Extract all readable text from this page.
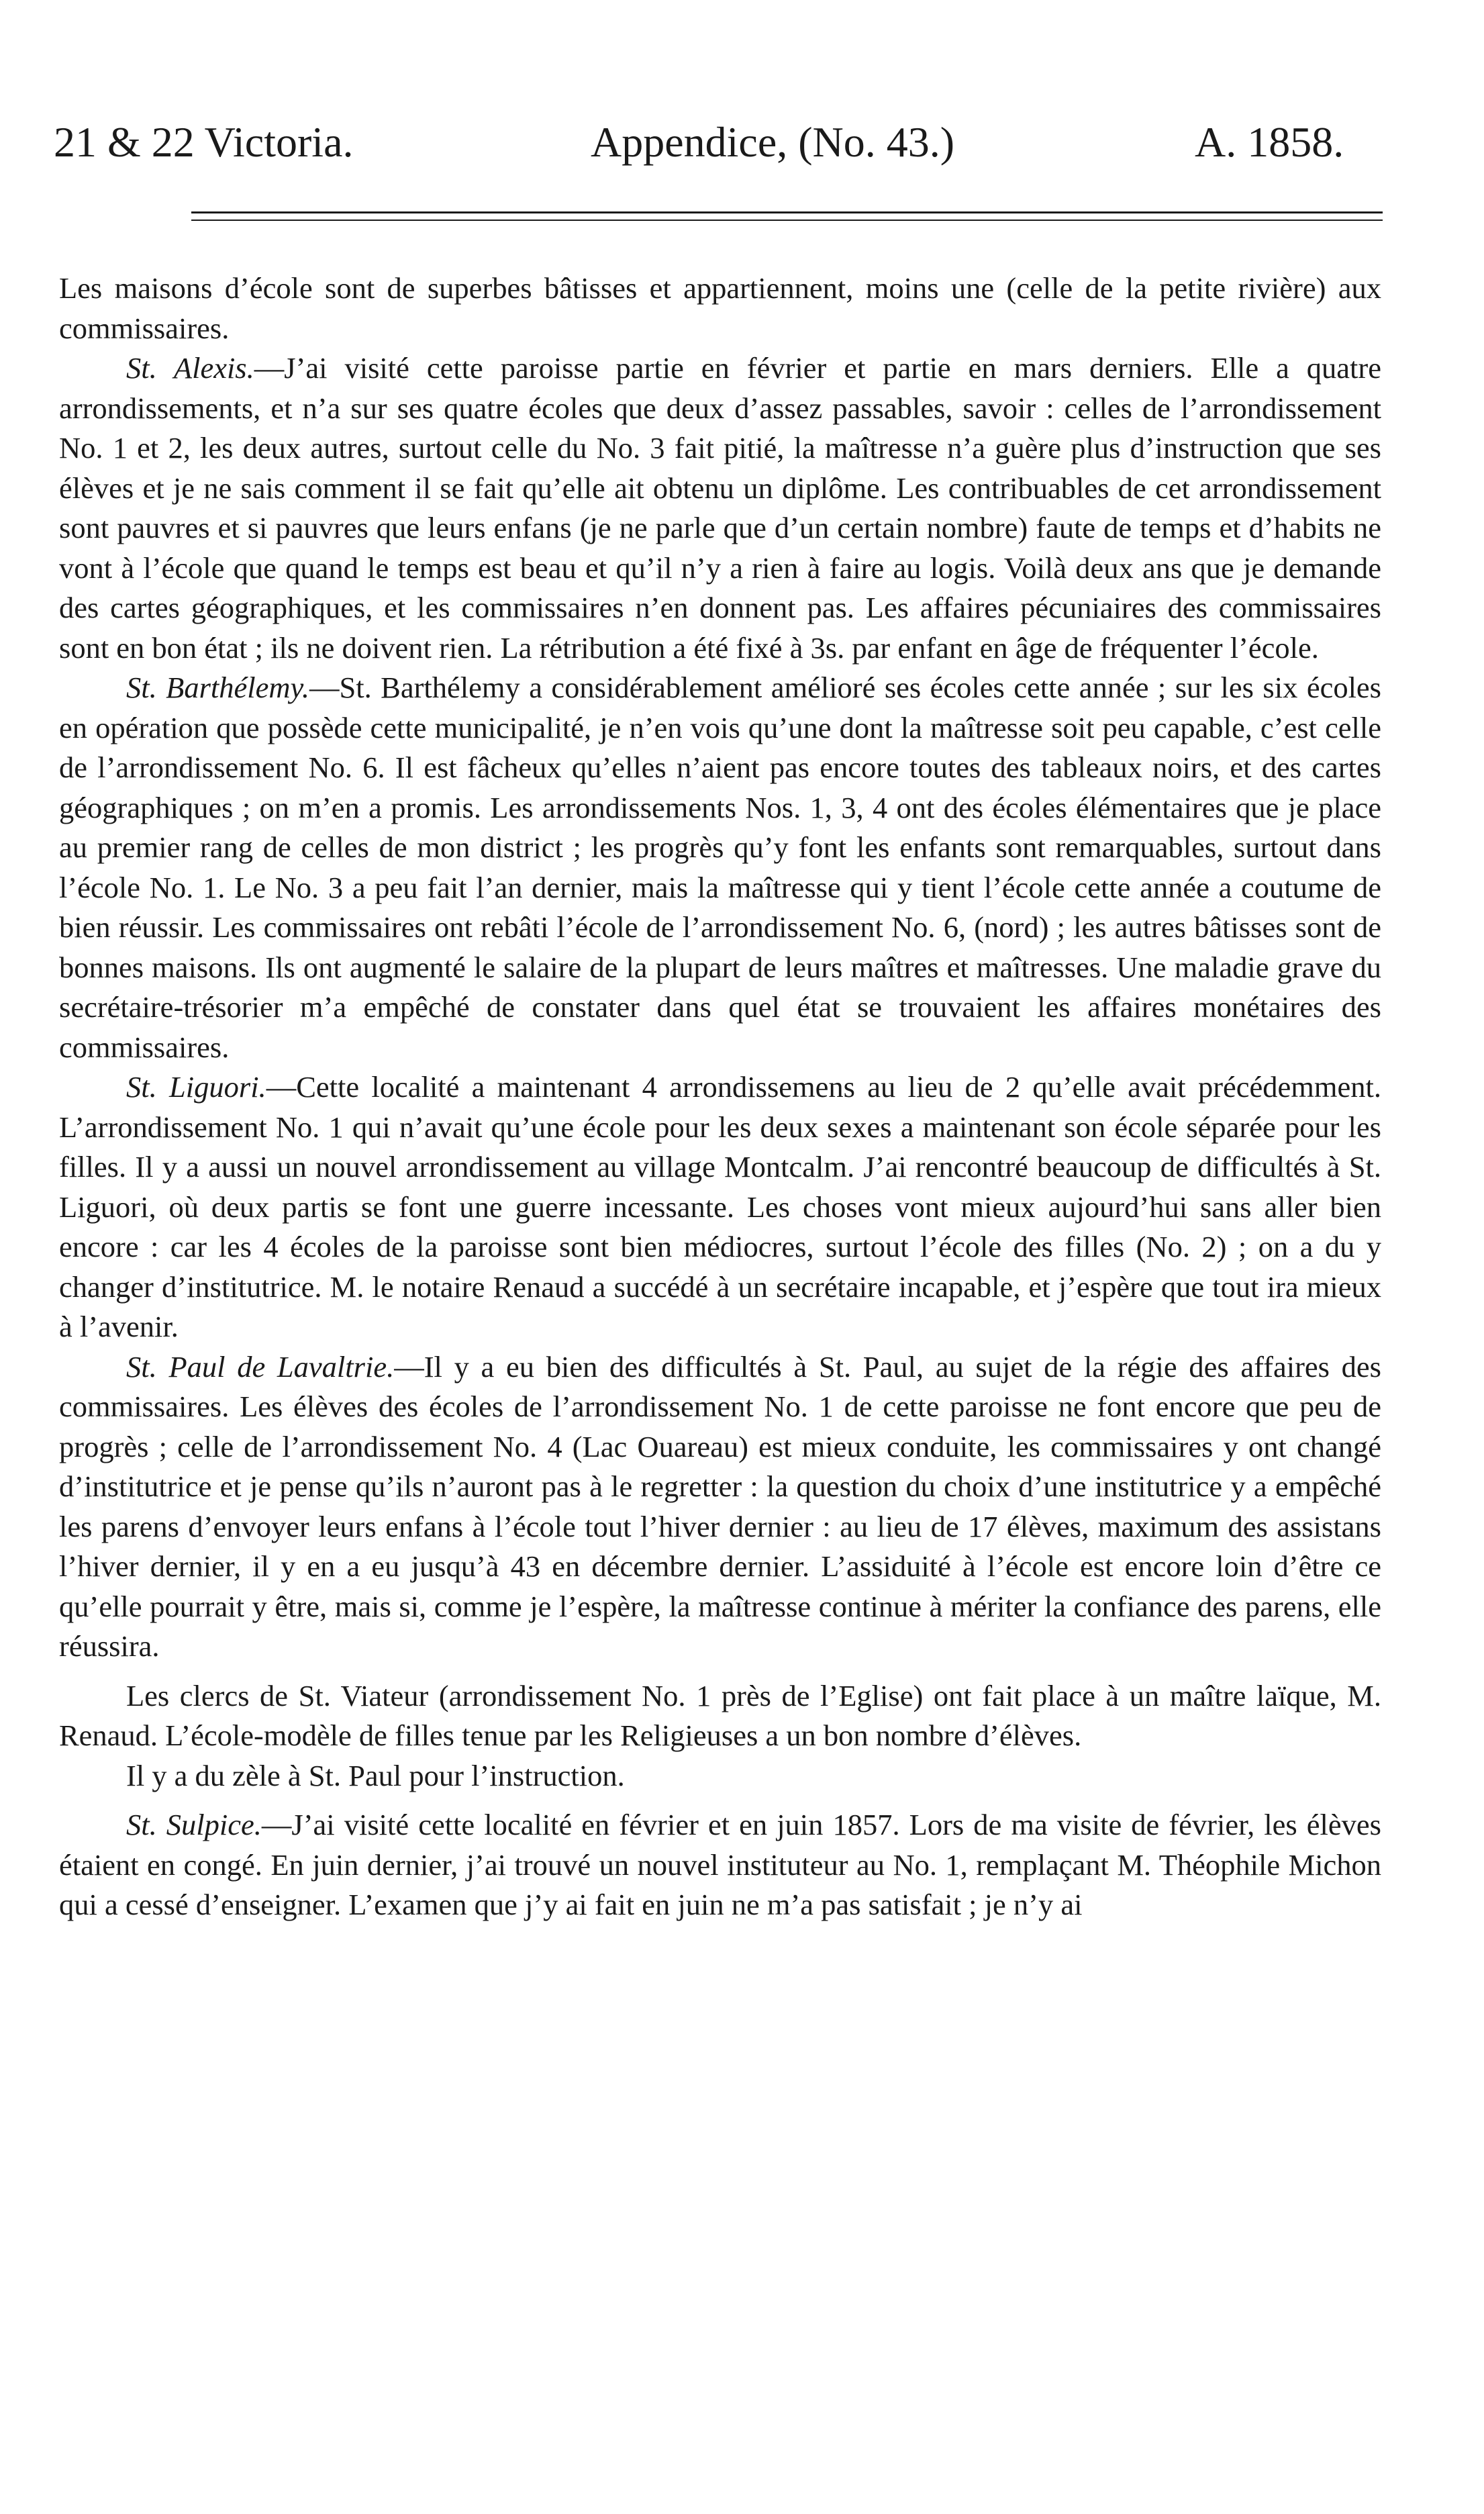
21 & 22 Victoria.	Appendice, (No. 43.)	A. 1858.

Les maisons d’école sont de superbes bâtisses et appartiennent, moins une (celle de la petite rivière) aux commissaires.

St. Alexis.—J’ai visité cette paroisse partie en février et partie en mars derniers. Elle a quatre arrondissements, et n’a sur ses quatre écoles que deux d’assez passables, savoir : celles de l’arrondissement No. 1 et 2, les deux autres, surtout celle du No. 3 fait pitié, la maîtresse n’a guère plus d’instruction que ses élèves et je ne sais comment il se fait qu’elle ait obtenu un diplôme. Les contribuables de cet arrondissement sont pauvres et si pauvres que leurs enfans (je ne parle que d’un certain nombre) faute de temps et d’habits ne vont à l’école que quand le temps est beau et qu’il n’y a rien à faire au logis. Voilà deux ans que je demande des cartes géographiques, et les commissaires n’en donnent pas. Les affaires pécuniaires des commissaires sont en bon état ; ils ne doivent rien. La rétribution a été fixé à 3s. par enfant en âge de fréquenter l’école.

St. Barthélemy.—St. Barthélemy a considérablement amélioré ses écoles cette année ; sur les six écoles en opération que possède cette municipalité, je n’en vois qu’une dont la maîtresse soit peu capable, c’est celle de l’arrondissement No. 6. Il est fâcheux qu’elles n’aient pas encore toutes des tableaux noirs, et des cartes géographiques ; on m’en a promis. Les arrondissements Nos. 1, 3, 4 ont des écoles élémentaires que je place au premier rang de celles de mon district ; les progrès qu’y font les enfants sont remarquables, surtout dans l’école No. 1. Le No. 3 a peu fait l’an dernier, mais la maîtresse qui y tient l’école cette année a coutume de bien réussir. Les commissaires ont rebâti l’école de l’arrondissement No. 6, (nord) ; les autres bâtisses sont de bonnes maisons. Ils ont augmenté le salaire de la plupart de leurs maîtres et maîtresses. Une maladie grave du secrétaire-trésorier m’a empêché de constater dans quel état se trouvaient les affaires monétaires des commissaires.

St. Liguori.—Cette localité a maintenant 4 arrondissemens au lieu de 2 qu’elle avait précédemment. L’arrondissement No. 1 qui n’avait qu’une école pour les deux sexes a maintenant son école séparée pour les filles. Il y a aussi un nouvel arrondissement au village Montcalm. J’ai rencontré beaucoup de difficultés à St. Liguori, où deux partis se font une guerre incessante. Les choses vont mieux aujourd’hui sans aller bien encore : car les 4 écoles de la paroisse sont bien médiocres, surtout l’école des filles (No. 2) ; on a du y changer d’institutrice. M. le notaire Renaud a succédé à un secrétaire incapable, et j’espère que tout ira mieux à l’avenir.

St. Paul de Lavaltrie.—Il y a eu bien des difficultés à St. Paul, au sujet de la régie des affaires des commissaires. Les élèves des écoles de l’arrondissement No. 1 de cette paroisse ne font encore que peu de progrès ; celle de l’arrondissement No. 4 (Lac Ouareau) est mieux conduite, les commissaires y ont changé d’institutrice et je pense qu’ils n’auront pas à le regretter : la question du choix d’une institutrice y a empêché les parens d’envoyer leurs enfans à l’école tout l’hiver dernier : au lieu de 17 élèves, maximum des assistans l’hiver dernier, il y en a eu jusqu’à 43 en décembre dernier. L’assiduité à l’école est encore loin d’être ce qu’elle pourrait y être, mais si, comme je l’espère, la maîtresse continue à mériter la confiance des parens, elle réussira.

Les clercs de St. Viateur (arrondissement No. 1 près de l’Eglise) ont fait place à un maître laïque, M. Renaud. L’école-modèle de filles tenue par les Religieuses a un bon nombre d’élèves.

Il y a du zèle à St. Paul pour l’instruction.

St. Sulpice.—J’ai visité cette localité en février et en juin 1857. Lors de ma visite de février, les élèves étaient en congé. En juin dernier, j’ai trouvé un nouvel instituteur au No. 1, remplaçant M. Théophile Michon qui a cessé d’enseigner. L’examen que j’y ai fait en juin ne m’a pas satisfait ; je n’y ai
